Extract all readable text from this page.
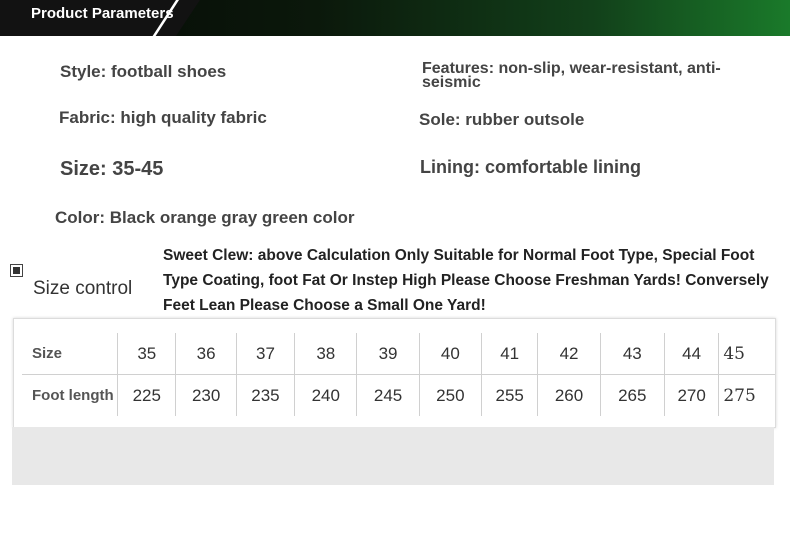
Product Parameters
Style: football shoes	Features: non-slip, wear-resistant, anti-seismic
Fabric: high quality fabric	Sole: rubber outsole
Size: 35-45	Lining: comfortable lining
Color: Black orange gray green color
Size control
Sweet Clew: above Calculation Only Suitable for Normal Foot Type, Special Foot Type Coating, foot Fat Or Instep High Please Choose Freshman Yards! Conversely Feet Lean Please Choose a Small One Yard!
Size	35	36	37	38	39	40	41	42	43	44	45
Foot length	225	230	235	240	245	250	255	260	265	270	275
